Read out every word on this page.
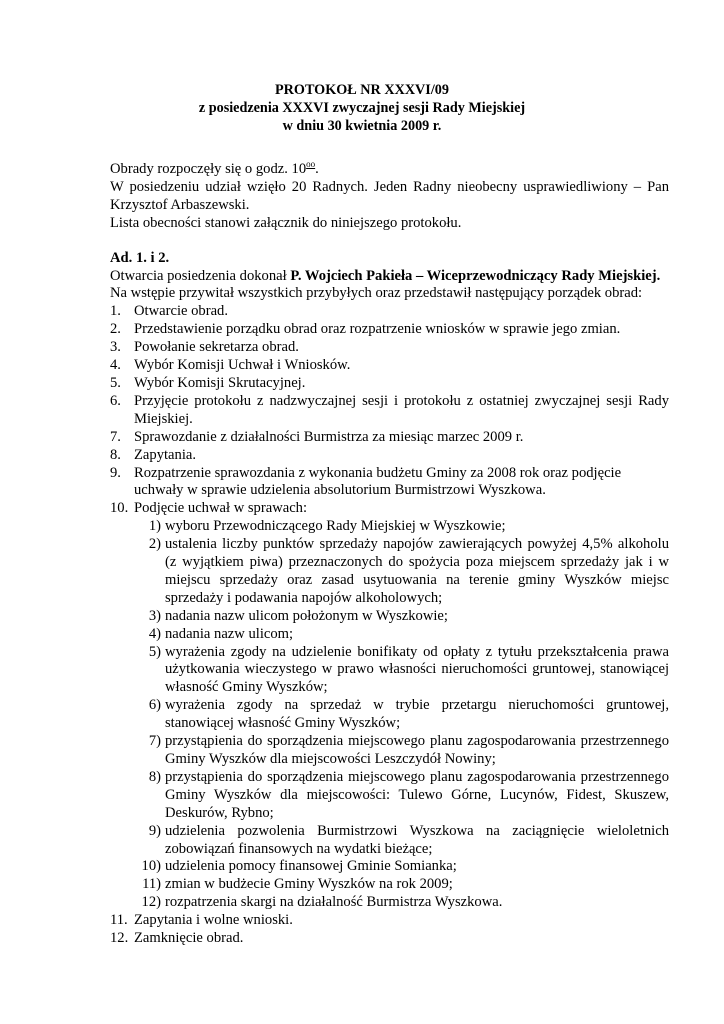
PROTOKOŁ NR XXXVI/09
z posiedzenia XXXVI zwyczajnej sesji Rady Miejskiej
w dniu 30 kwietnia 2009 r.

Obrady rozpoczęły się o godz. $10^{oo}$.

W posiedzeniu udział wzięło 20 Radnych. Jeden Radny nieobecny usprawiedliwiony – Pan Krzysztof Arbaszewski.

Lista obecności stanowi załącznik do niniejszego protokołu.

Ad. 1. i 2.

Otwarcia posiedzenia dokonał P. Wojciech Pakieła – Wiceprzewodniczący Rady Miejskiej.

Na wstępie przywitał wszystkich przybyłych oraz przedstawił następujący porządek obrad:

1. Otwarcie obrad.
2. Przedstawienie porządku obrad oraz rozpatrzenie wniosków w sprawie jego zmian.
3. Powołanie sekretarza obrad.
4. Wybór Komisji Uchwał i Wniosków.
5. Wybór Komisji Skrutacyjnej.
6. Przyjęcie protokołu z nadzwyczajnej sesji i protokołu z ostatniej zwyczajnej sesji Rady Miejskiej.
7. Sprawozdanie z działalności Burmistrza za miesiąc marzec 2009 r.
8. Zapytania.
9. Rozpatrzenie sprawozdania z wykonania budżetu Gminy za 2008 rok oraz podjęcie uchwały w sprawie udzielenia absolutorium Burmistrzowi Wyszkowa.
10. Podjęcie uchwał w sprawach:
1) wyboru Przewodniczącego Rady Miejskiej w Wyszkowie;
2) ustalenia liczby punktów sprzedaży napojów zawierających powyżej 4,5% alkoholu (z wyjątkiem piwa) przeznaczonych do spożycia poza miejscem sprzedaży jak i w miejscu sprzedaży oraz zasad usytuowania na terenie gminy Wyszków miejsc sprzedaży i podawania napojów alkoholowych;
3) nadania nazw ulicom położonym w Wyszkowie;
4) nadania nazw ulicom;
5) wyrażenia zgody na udzielenie bonifikaty od opłaty z tytułu przekształcenia prawa użytkowania wieczystego w prawo własności nieruchomości gruntowej, stanowiącej własność Gminy Wyszków;
6) wyrażenia zgody na sprzedaż w trybie przetargu nieruchomości gruntowej, stanowiącej własność Gminy Wyszków;
7) przystąpienia do sporządzenia miejscowego planu zagospodarowania przestrzennego Gminy Wyszków dla miejscowości Leszczydół Nowiny;
8) przystąpienia do sporządzenia miejscowego planu zagospodarowania przestrzennego Gminy Wyszków dla miejscowości: Tulewo Górne, Lucynów, Fidest, Skuszew, Deskurów, Rybno;
9) udzielenia pozwolenia Burmistrzowi Wyszkowa na zaciągnięcie wieloletnich zobowiązań finansowych na wydatki bieżące;
10) udzielenia pomocy finansowej Gminie Somianka;
11) zmian w budżecie Gminy Wyszków na rok 2009;
12) rozpatrzenia skargi na działalność Burmistrza Wyszkowa.
11. Zapytania i wolne wnioski.
12. Zamknięcie obrad.
